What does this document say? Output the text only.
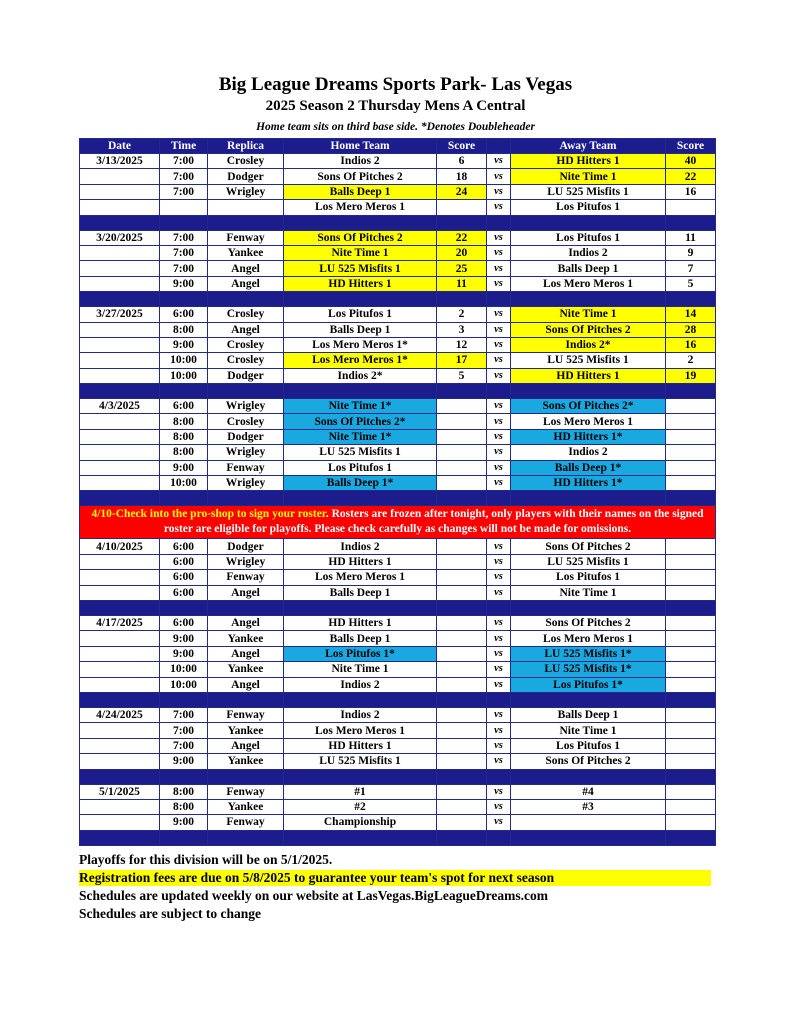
Big League Dreams Sports Park- Las Vegas
2025 Season 2 Thursday Mens A Central
Home team sits on third base side. *Denotes Doubleheader
Date	Time	Replica	Home Team	Score		Away Team	Score
3/13/2025	7:00	Crosley	Indios 2	6	vs	HD Hitters 1	40
	7:00	Dodger	Sons Of Pitches 2	18	vs	Nite Time 1	22
	7:00	Wrigley	Balls Deep 1	24	vs	LU 525 Misfits 1	16
			Los Mero Meros 1		vs	Los Pitufos 1	

3/20/2025	7:00	Fenway	Sons Of Pitches 2	22	vs	Los Pitufos 1	11
	7:00	Yankee	Nite Time 1	20	vs	Indios 2	9
	7:00	Angel	LU 525 Misfits 1	25	vs	Balls Deep 1	7
	9:00	Angel	HD Hitters 1	11	vs	Los Mero Meros 1	5

3/27/2025	6:00	Crosley	Los Pitufos 1	2	vs	Nite Time 1	14
	8:00	Angel	Balls Deep 1	3	vs	Sons Of Pitches 2	28
	9:00	Crosley	Los Mero Meros 1*	12	vs	Indios 2*	16
	10:00	Crosley	Los Mero Meros 1*	17	vs	LU 525 Misfits 1	2
	10:00	Dodger	Indios 2*	5	vs	HD Hitters 1	19

4/3/2025	6:00	Wrigley	Nite Time 1*		vs	Sons Of Pitches 2*	
	8:00	Crosley	Sons Of Pitches 2*		vs	Los Mero Meros 1	
	8:00	Dodger	Nite Time 1*		vs	HD Hitters 1*	
	8:00	Wrigley	LU 525 Misfits 1		vs	Indios 2	
	9:00	Fenway	Los Pitufos 1		vs	Balls Deep 1*	
	10:00	Wrigley	Balls Deep 1*		vs	HD Hitters 1*	

4/10-Check into the pro-shop to sign your roster. Rosters are frozen after tonight, only players with their names on the signed roster are eligible for playoffs. Please check carefully as changes will not be made for omissions.							
4/10/2025	6:00	Dodger	Indios 2		vs	Sons Of Pitches 2	
	6:00	Wrigley	HD Hitters 1		vs	LU 525 Misfits 1	
	6:00	Fenway	Los Mero Meros 1		vs	Los Pitufos 1	
	6:00	Angel	Balls Deep 1		vs	Nite Time 1	

4/17/2025	6:00	Angel	HD Hitters 1		vs	Sons Of Pitches 2	
	9:00	Yankee	Balls Deep 1		vs	Los Mero Meros 1	
	9:00	Angel	Los Pitufos 1*		vs	LU 525 Misfits 1*	
	10:00	Yankee	Nite Time 1		vs	LU 525 Misfits 1*	
	10:00	Angel	Indios 2		vs	Los Pitufos 1*	

4/24/2025	7:00	Fenway	Indios 2		vs	Balls Deep 1	
	7:00	Yankee	Los Mero Meros 1		vs	Nite Time 1	
	7:00	Angel	HD Hitters 1		vs	Los Pitufos 1	
	9:00	Yankee	LU 525 Misfits 1		vs	Sons Of Pitches 2	

5/1/2025	8:00	Fenway	#1		vs	#4	
	8:00	Yankee	#2		vs	#3	
	9:00	Fenway	Championship		vs		

Playoffs for this division will be on 5/1/2025.
Registration fees are due on 5/8/2025 to guarantee your team's spot for next season
Schedules are updated weekly on our website at LasVegas.BigLeagueDreams.com
Schedules are subject to change
